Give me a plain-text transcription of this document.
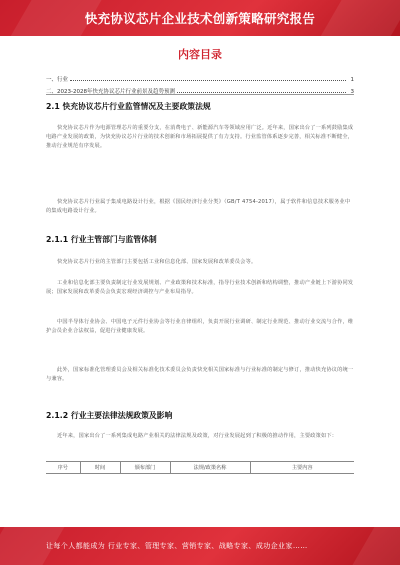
快充协议芯片企业技术创新策略研究报告
内容目录
一、行业	1
二、2023-2028年快充协议芯片行业前景及趋势预测	3
2.1 快充协议芯片行业监管情况及主要政策法规

快充协议芯片作为电源管理芯片的重要分支，在消费电子、新能源汽车等领域应用广泛。近年来，国家出台了一系列鼓励集成电路产业发展的政策，为快充协议芯片行业的技术创新和市场拓展提供了有力支持。行业监管体系逐步完善，相关标准不断健全，推动行业规范有序发展。

快充协议芯片行业属于集成电路设计行业，根据《国民经济行业分类》（GB/T 4754-2017），属于软件和信息技术服务业中的集成电路设计行业。

2.1.1 行业主管部门与监管体制

快充协议芯片行业的主管部门主要包括工业和信息化部、国家发展和改革委员会等。

工业和信息化部主要负责制定行业发展规划、产业政策和技术标准，指导行业技术创新和结构调整，推动产业链上下游协同发展；国家发展和改革委员会负责宏观经济调控与产业布局指导。

中国半导体行业协会、中国电子元件行业协会等行业自律组织，负责开展行业调研、制定行业规范、推动行业交流与合作，维护会员企业合法权益，促进行业健康发展。

此外，国家标准化管理委员会及相关标准化技术委员会负责快充相关国家标准与行业标准的制定与修订，推动快充协议的统一与兼容。

2.1.2 行业主要法律法规政策及影响

近年来，国家出台了一系列集成电路产业相关的法律法规及政策，对行业发展起到了积极的推动作用，主要政策如下：

序号	时间	颁布部门	法规/政策名称	主要内容
让每个人都能成为 行业专家、管理专家、营销专家、战略专家、成功企业家……
